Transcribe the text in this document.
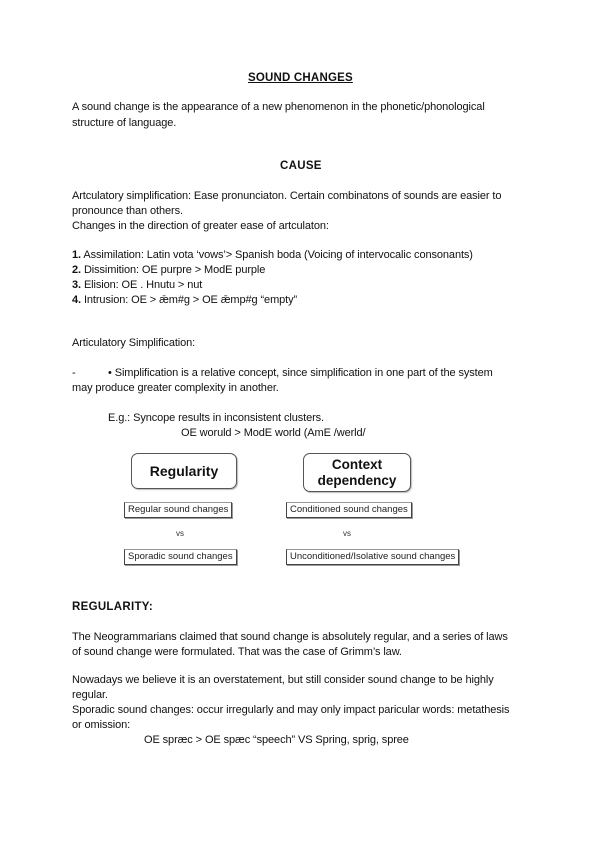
SOUND CHANGES
A sound change is the appearance of a new phenomenon in the phonetic/phonological
structure of language.
CAUSE
Artculatory simplification: Ease pronunciaton. Certain combinatons of sounds are easier to
pronounce than others.
Changes in the direction of greater ease of artculaton:
1. Assimilation: Latin vota ‘vows’> Spanish boda (Voicing of intervocalic consonants)
2. Dissimition: OE purpre > ModE purple
3. Elision: OE . Hnutu > nut
4. Intrusion: OE > ǣm#g > OE ǣmp#g “empty”
Articulatory Simplification:
-	• Simplification is a relative concept, since simplification in one part of the system
may produce greater complexity in another.
E.g.: Syncope results in inconsistent clusters.
OE woruld > ModE world (AmE /werld/
Regularity	Context
dependency
Regular sound changes
vs
Sporadic sound changes
Conditioned sound changes
vs
Unconditioned/Isolative sound changes
REGULARITY:
The Neogrammarians claimed that sound change is absolutely regular, and a series of laws
of sound change were formulated. That was the case of Grimm’s law.
Nowadays we believe it is an overstatement, but still consider sound change to be highly
regular.
Sporadic sound changes: occur irregularly and may only impact paricular words: metathesis
or omission:
OE spræc > OE spæc “speech” VS Spring, sprig, spree
